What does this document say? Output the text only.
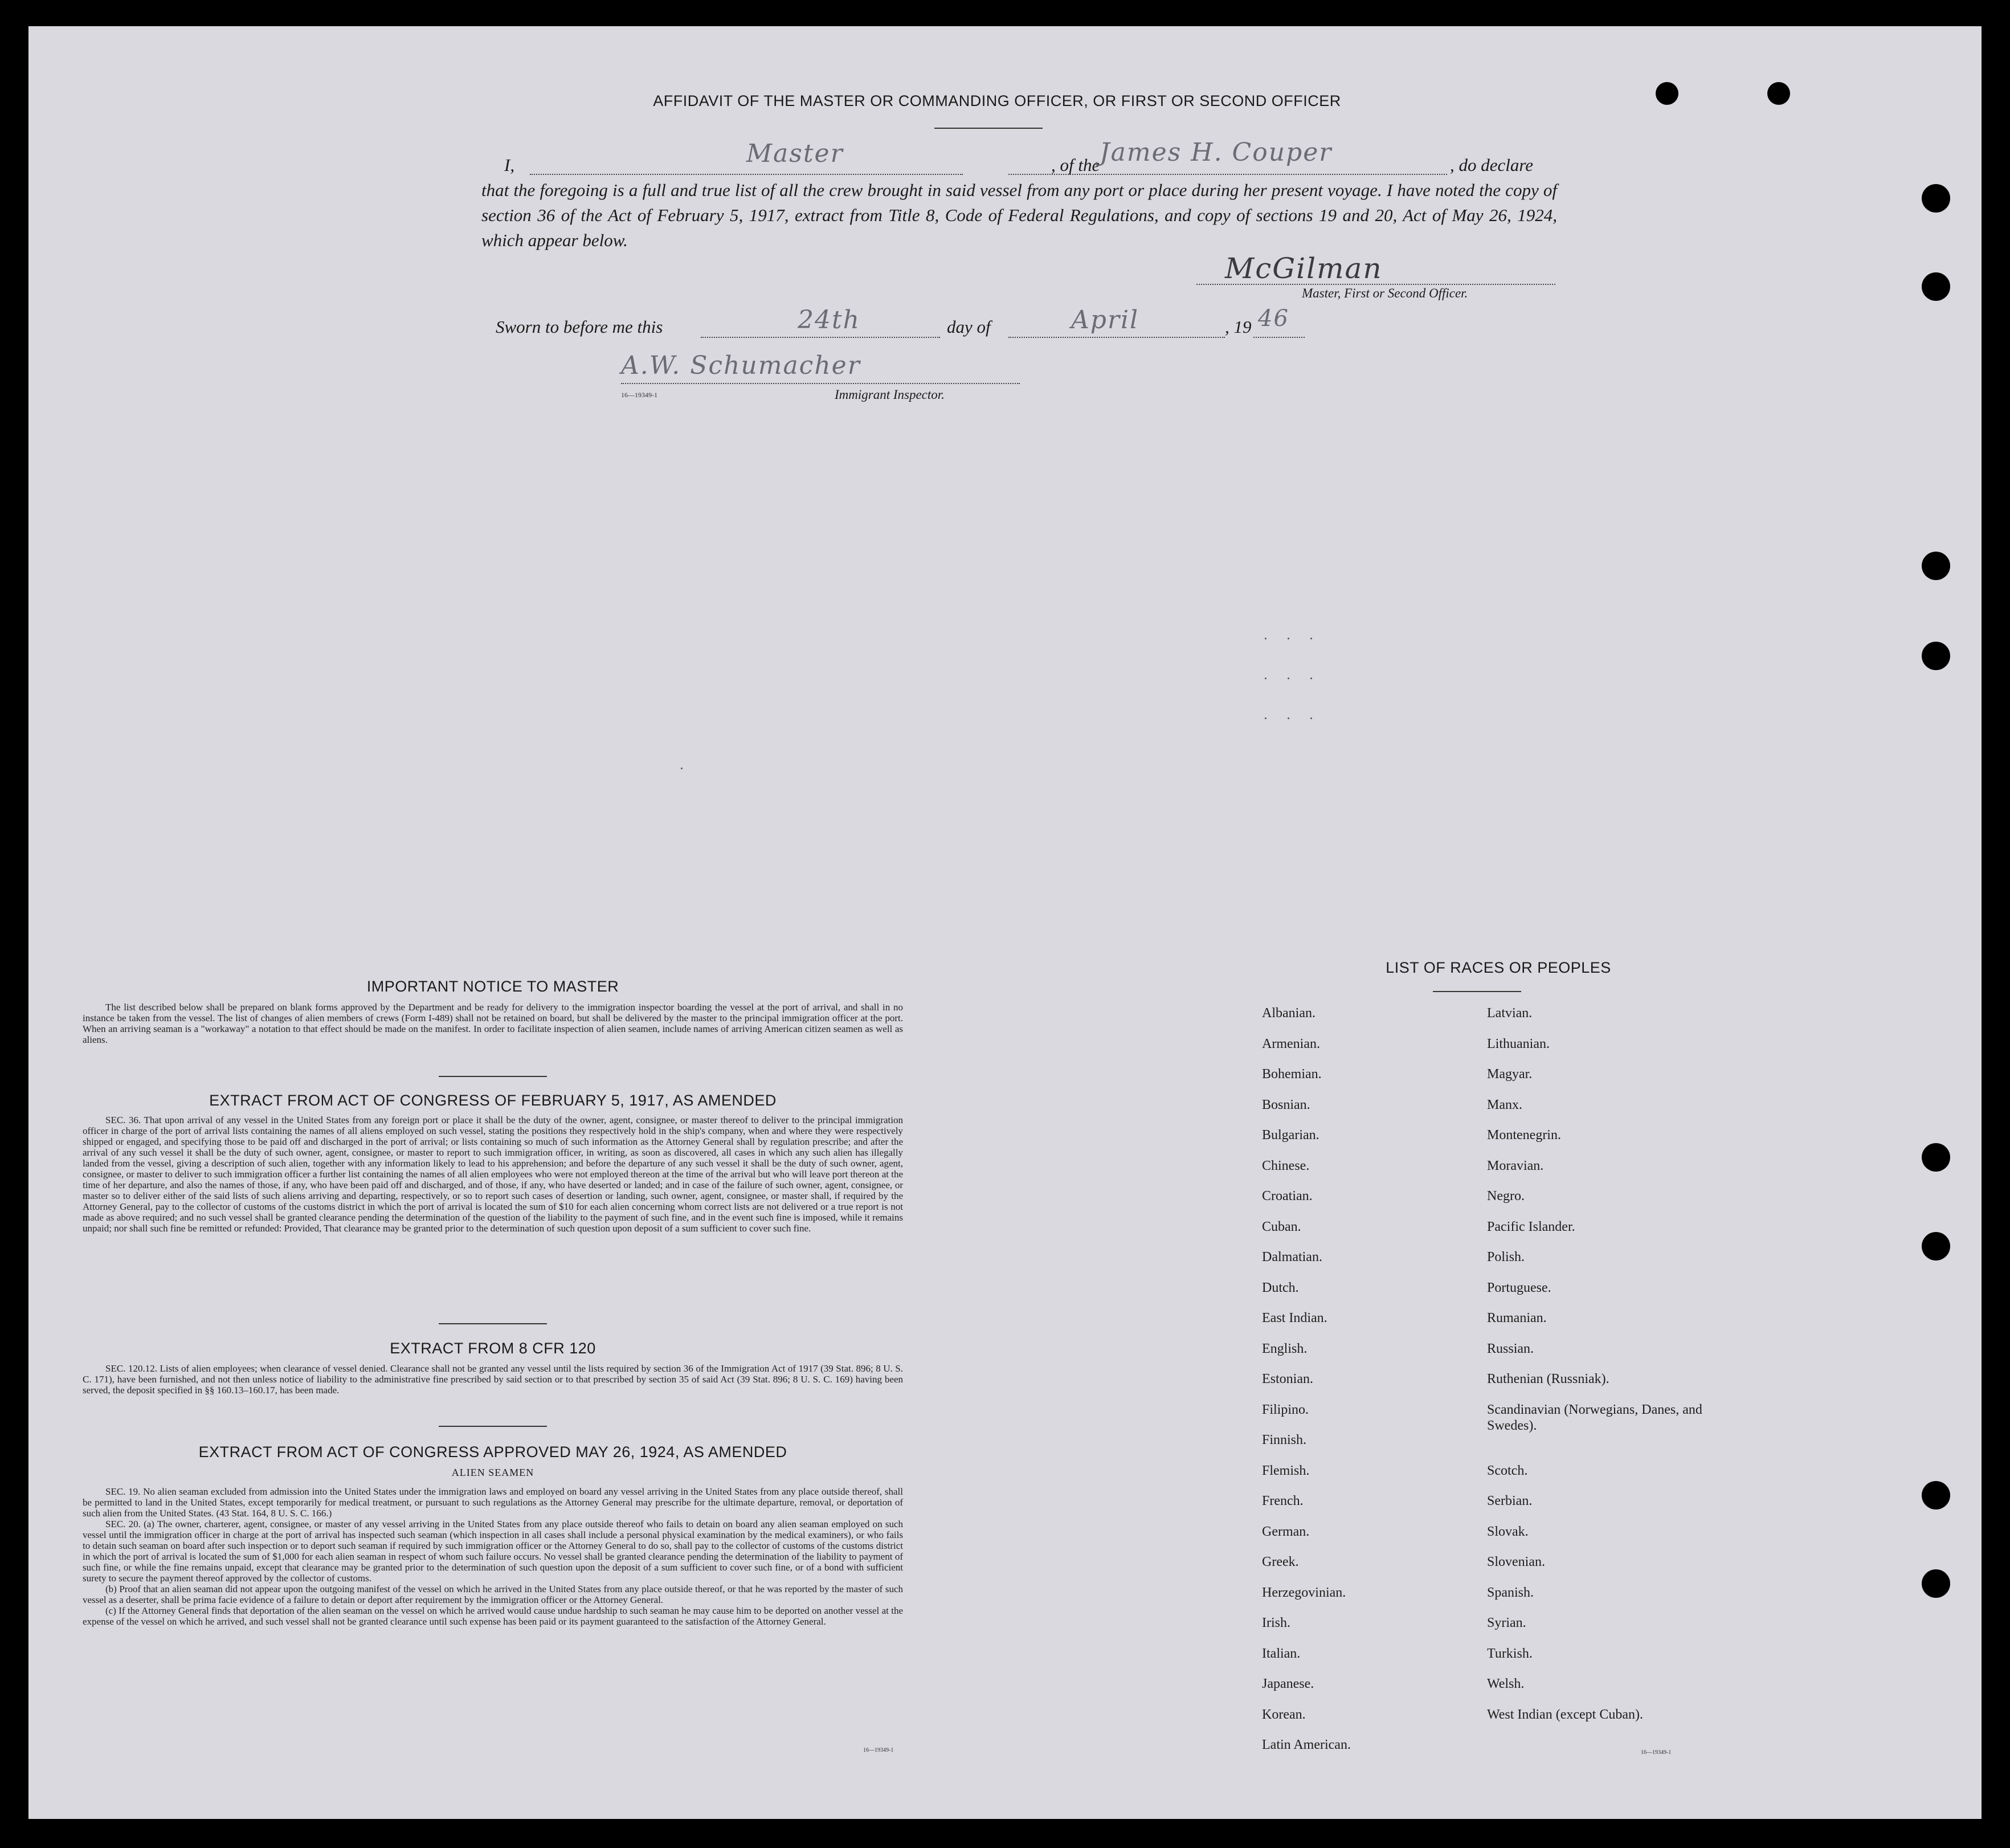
AFFIDAVIT OF THE MASTER OR COMMANDING OFFICER, OR FIRST OR SECOND OFFICER
I,	, of the	, do declare
that the foregoing is a full and true list of all the crew brought in said vessel from any port or place during her present voyage. I have noted the copy of section 36 of the Act of February 5, 1917, extract from Title 8, Code of Federal Regulations, and copy of sections 19 and 20, Act of May 26, 1924, which appear below.
Master	James H. Couper
McGilman
Master, First or Second Officer.
Sworn to before me this	24th	day of	April	, 19 46
A.W. Schumacher
16—19349-1	Immigrant Inspector.
IMPORTANT NOTICE TO MASTER

The list described below shall be prepared on blank forms approved by the Department and be ready for delivery to the immigration inspector boarding the vessel at the port of arrival, and shall in no instance be taken from the vessel. The list of changes of alien members of crews (Form I-489) shall not be retained on board, but shall be delivered by the master to the principal immigration officer at the port. When an arriving seaman is a "workaway" a notation to that effect should be made on the manifest. In order to facilitate inspection of alien seamen, include names of arriving American citizen seamen as well as aliens.

EXTRACT FROM ACT OF CONGRESS OF FEBRUARY 5, 1917, AS AMENDED

SEC. 36. That upon arrival of any vessel in the United States from any foreign port or place it shall be the duty of the owner, agent, consignee, or master thereof to deliver to the principal immigration officer in charge of the port of arrival lists containing the names of all aliens employed on such vessel, stating the positions they respectively hold in the ship's company, when and where they were respectively shipped or engaged, and specifying those to be paid off and discharged in the port of arrival; or lists containing so much of such information as the Attorney General shall by regulation prescribe; and after the arrival of any such vessel it shall be the duty of such owner, agent, consignee, or master to report to such immigration officer, in writing, as soon as discovered, all cases in which any such alien has illegally landed from the vessel, giving a description of such alien, together with any information likely to lead to his apprehension; and before the departure of any such vessel it shall be the duty of such owner, agent, consignee, or master to deliver to such immigration officer a further list containing the names of all alien employees who were not employed thereon at the time of the arrival but who will leave port thereon at the time of her departure, and also the names of those, if any, who have been paid off and discharged, and of those, if any, who have deserted or landed; and in case of the failure of such owner, agent, consignee, or master so to deliver either of the said lists of such aliens arriving and departing, respectively, or so to report such cases of desertion or landing, such owner, agent, consignee, or master shall, if required by the Attorney General, pay to the collector of customs of the customs district in which the port of arrival is located the sum of $10 for each alien concerning whom correct lists are not delivered or a true report is not made as above required; and no such vessel shall be granted clearance pending the determination of the question of the liability to the payment of such fine, and in the event such fine is imposed, while it remains unpaid; nor shall such fine be remitted or refunded: Provided, That clearance may be granted prior to the determination of such question upon deposit of a sum sufficient to cover such fine.

EXTRACT FROM 8 CFR 120

SEC. 120.12. Lists of alien employees; when clearance of vessel denied. Clearance shall not be granted any vessel until the lists required by section 36 of the Immigration Act of 1917 (39 Stat. 896; 8 U. S. C. 171), have been furnished, and not then unless notice of liability to the administrative fine prescribed by said section or to that prescribed by section 35 of said Act (39 Stat. 896; 8 U. S. C. 169) having been served, the deposit specified in §§ 160.13–160.17, has been made.

EXTRACT FROM ACT OF CONGRESS APPROVED MAY 26, 1924, AS AMENDED
ALIEN SEAMEN

SEC. 19. No alien seaman excluded from admission into the United States under the immigration laws and employed on board any vessel arriving in the United States from any place outside thereof, shall be permitted to land in the United States, except temporarily for medical treatment, or pursuant to such regulations as the Attorney General may prescribe for the ultimate departure, removal, or deportation of such alien from the United States. (43 Stat. 164, 8 U. S. C. 166.)

SEC. 20. (a) The owner, charterer, agent, consignee, or master of any vessel arriving in the United States from any place outside thereof who fails to detain on board any alien seaman employed on such vessel until the immigration officer in charge at the port of arrival has inspected such seaman (which inspection in all cases shall include a personal physical examination by the medical examiners), or who fails to detain such seaman on board after such inspection or to deport such seaman if required by such immigration officer or the Attorney General to do so, shall pay to the collector of customs of the customs district in which the port of arrival is located the sum of $1,000 for each alien seaman in respect of whom such failure occurs. No vessel shall be granted clearance pending the determination of the liability to payment of such fine, or while the fine remains unpaid, except that clearance may be granted prior to the determination of such question upon the deposit of a sum sufficient to cover such fine, or of a bond with sufficient surety to secure the payment thereof approved by the collector of customs.

(b) Proof that an alien seaman did not appear upon the outgoing manifest of the vessel on which he arrived in the United States from any place outside thereof, or that he was reported by the master of such vessel as a deserter, shall be prima facie evidence of a failure to detain or deport after requirement by the immigration officer or the Attorney General.

(c) If the Attorney General finds that deportation of the alien seaman on the vessel on which he arrived would cause undue hardship to such seaman he may cause him to be deported on another vessel at the expense of the vessel on which he arrived, and such vessel shall not be granted clearance until such expense has been paid or its payment guaranteed to the satisfaction of the Attorney General.

16—19349-1
LIST OF RACES OR PEOPLES
Albanian.
Armenian.
Bohemian.
Bosnian.
Bulgarian.
Chinese.
Croatian.
Cuban.
Dalmatian.
Dutch.
East Indian.
English.
Estonian.
Filipino.
Finnish.
Flemish.
French.
German.
Greek.
Herzegovinian.
Irish.
Italian.
Japanese.
Korean.
Latin American.
Latvian.
Lithuanian.
Magyar.
Manx.
Montenegrin.
Moravian.
Negro.
Pacific Islander.
Polish.
Portuguese.
Rumanian.
Russian.
Ruthenian (Russniak).
Scandinavian (Norwegians, Danes, and Swedes).
Scotch.
Serbian.
Slovak.
Slovenian.
Spanish.
Syrian.
Turkish.
Welsh.
West Indian (except Cuban).
16—19349-1
